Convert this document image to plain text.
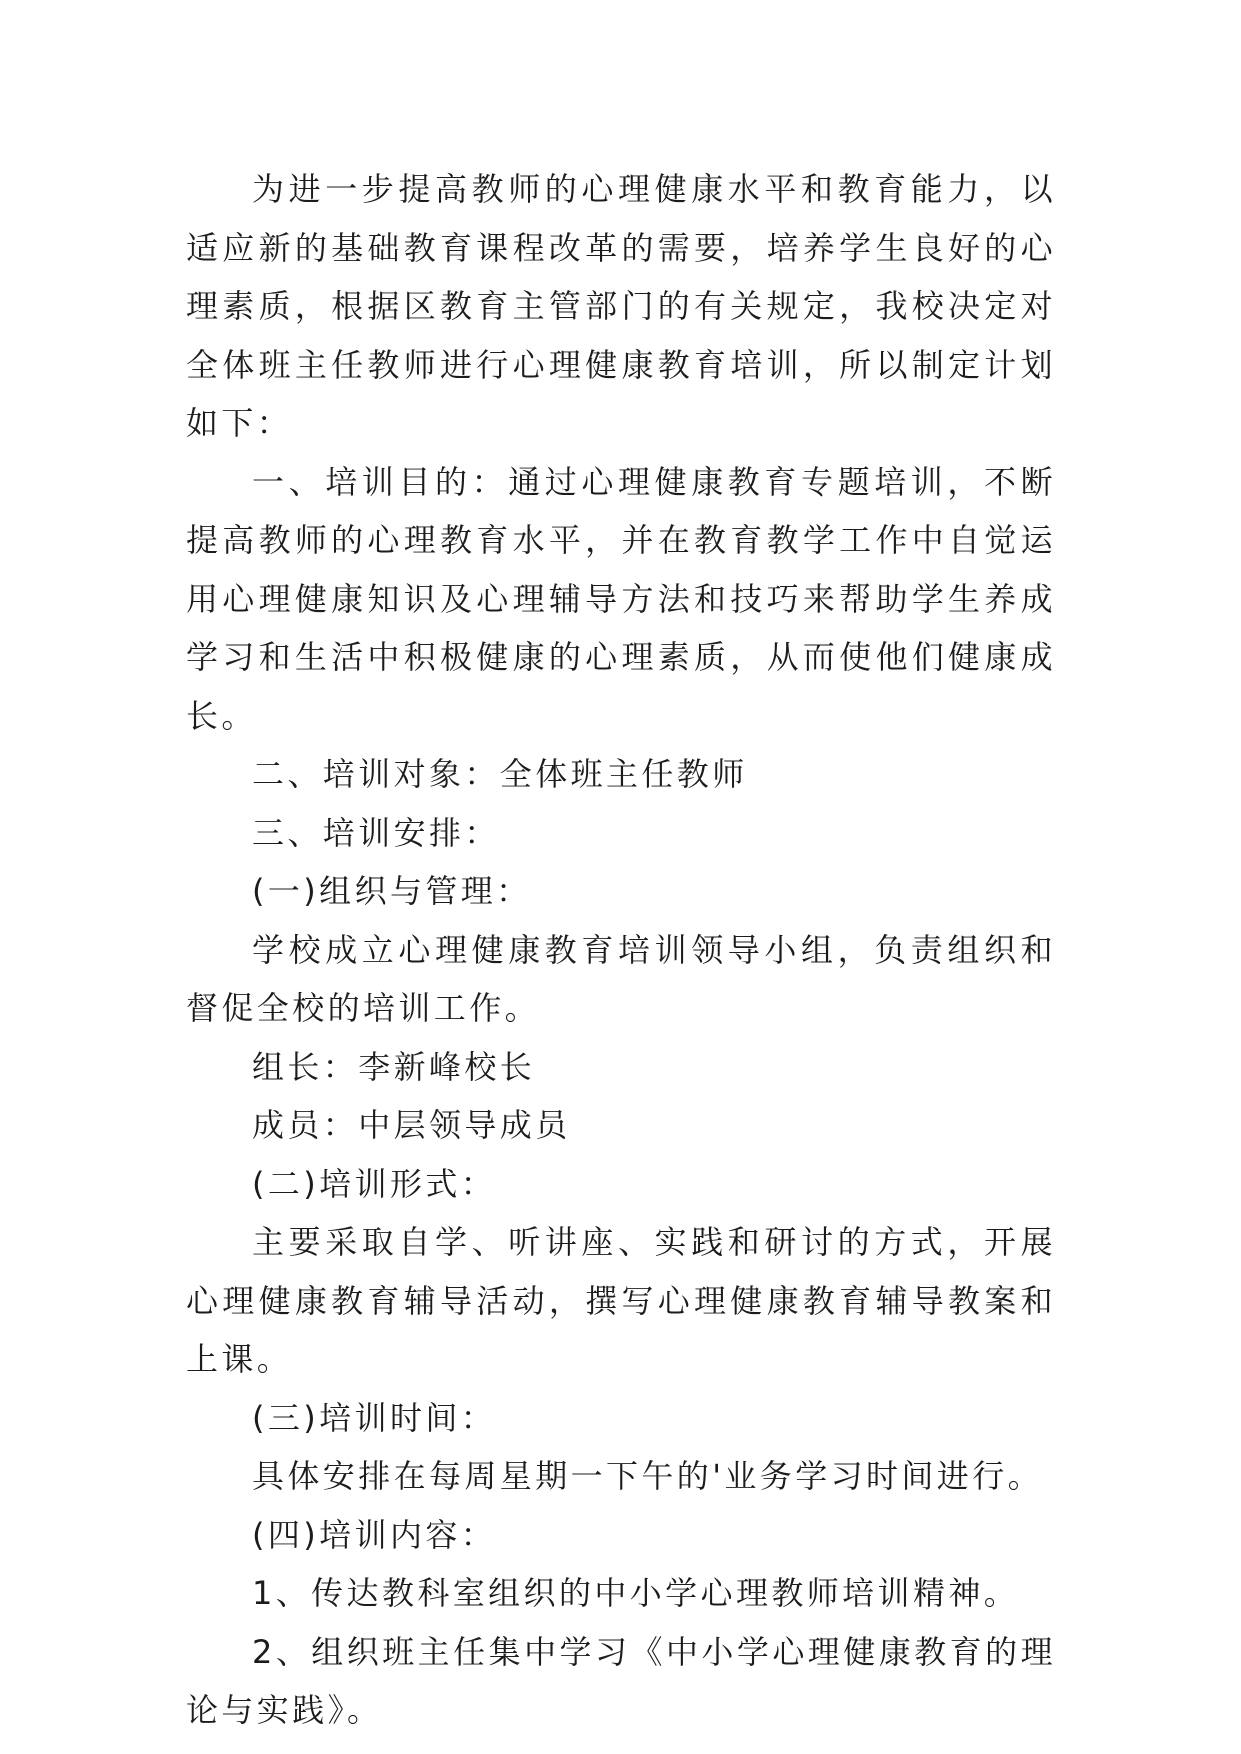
为进一步提高教师的心理健康水平和教育能力，以适应新的基础教育课程改革的需要，培养学生良好的心理素质，根据区教育主管部门的有关规定，我校决定对全体班主任教师进行心理健康教育培训，所以制定计划如下：

一、培训目的：通过心理健康教育专题培训，不断提高教师的心理教育水平，并在教育教学工作中自觉运用心理健康知识及心理辅导方法和技巧来帮助学生养成学习和生活中积极健康的心理素质，从而使他们健康成长。

二、培训对象：全体班主任教师

三、培训安排：

(一)组织与管理：

学校成立心理健康教育培训领导小组，负责组织和督促全校的培训工作。

组长：李新峰校长

成员：中层领导成员

(二)培训形式：

主要采取自学、听讲座、实践和研讨的方式，开展心理健康教育辅导活动，撰写心理健康教育辅导教案和上课。

(三)培训时间：

具体安排在每周星期一下午的'业务学习时间进行。

(四)培训内容：

1、传达教科室组织的中小学心理教师培训精神。

2、组织班主任集中学习《中小学心理健康教育的理论与实践》。
